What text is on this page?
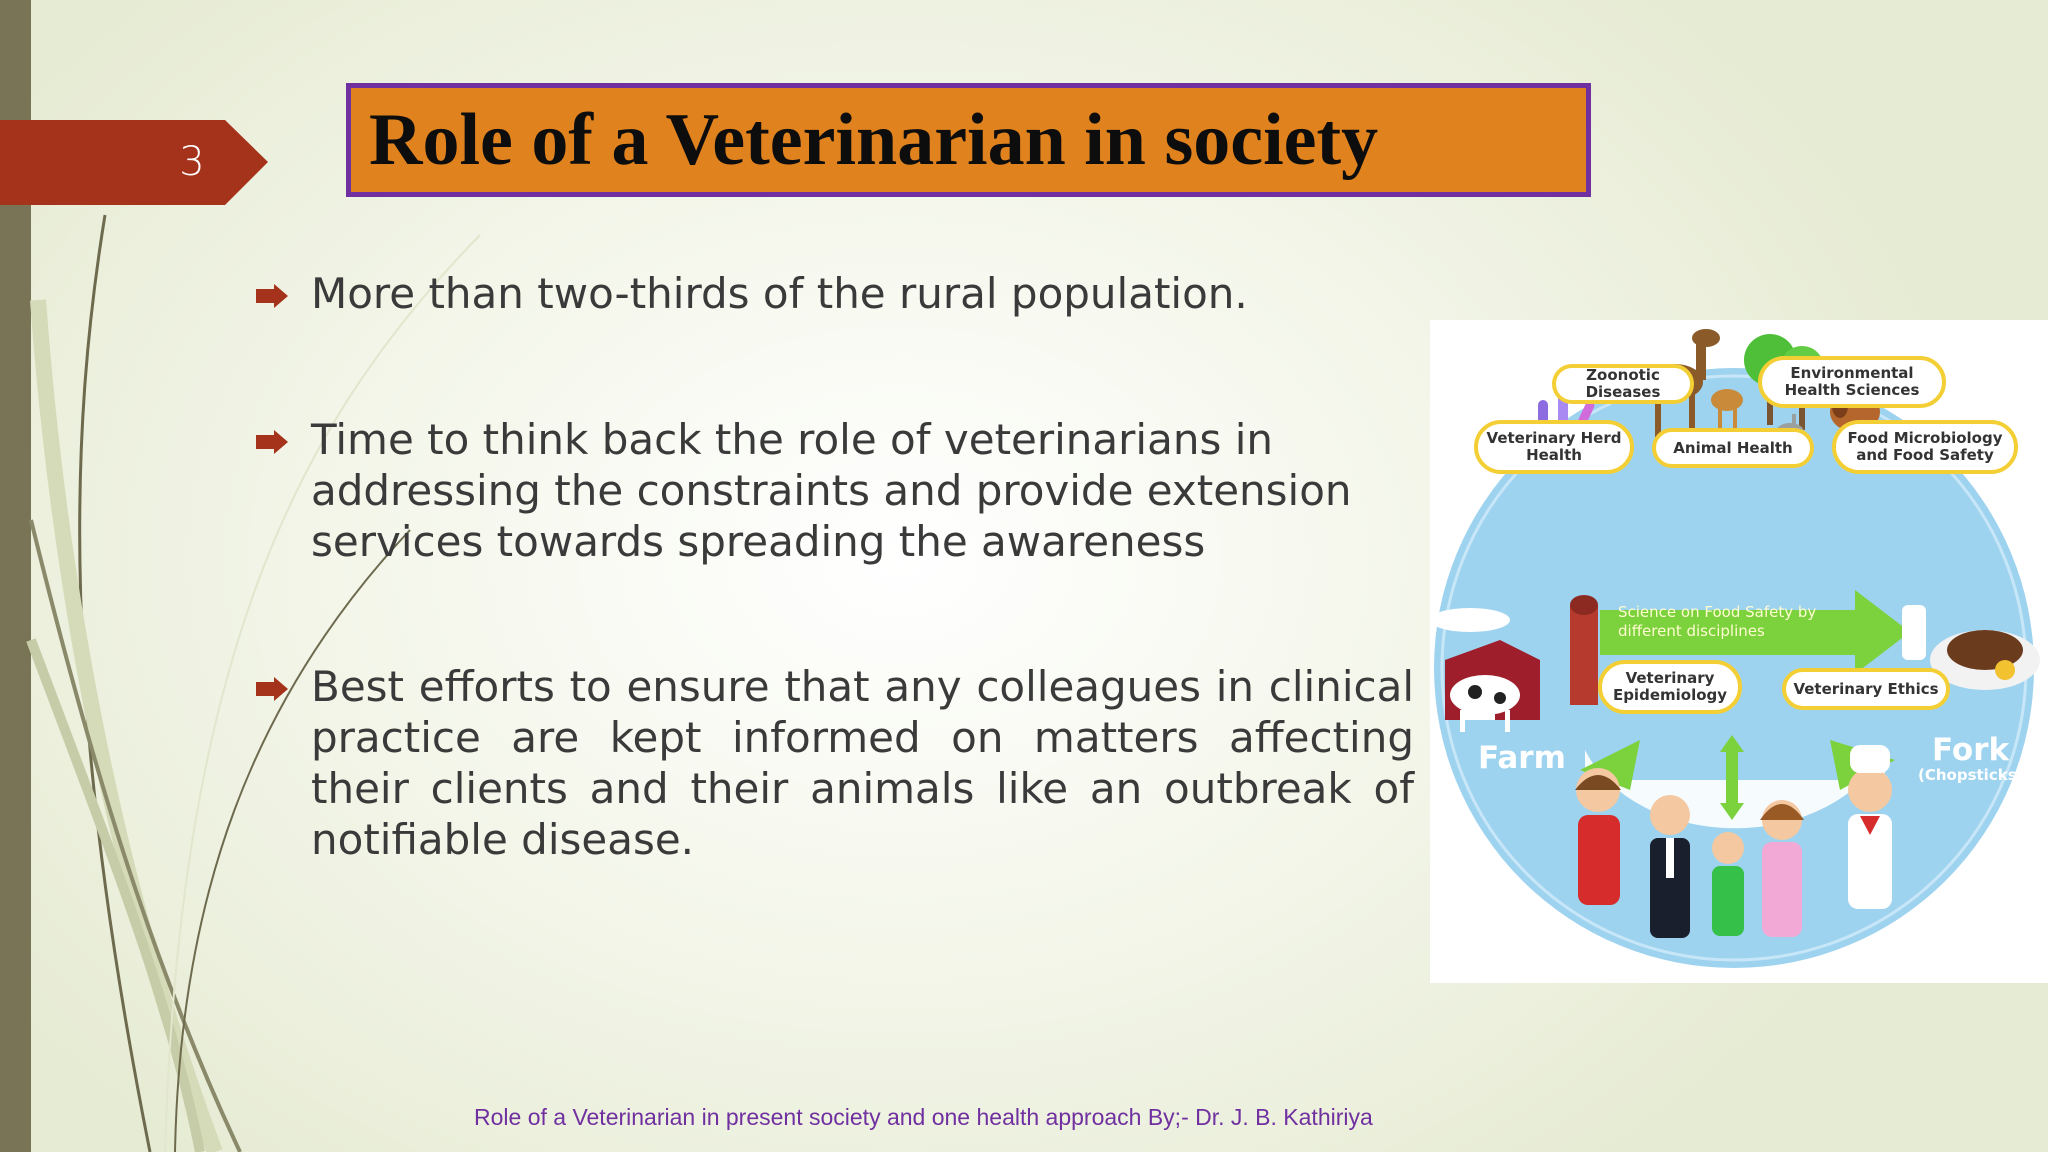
3 Role of a Veterinarian in society
More than two-thirds of the rural population.
Time to think back the role of veterinarians in addressing the constraints and provide extension services towards spreading the awareness
Best efforts to ensure that any colleagues in clinical practice are kept informed on matters affecting their clients and their animals like an outbreak of notifiable disease.
Zoonotic Diseases
Environmental Health Sciences
Veterinary Herd Health	Animal Health
Food Microbiology and Food Safety
Veterinary Epidemiology	Veterinary Ethics
Science on Food Safety by different disciplines
Farm	Fork
(Chopsticks)
Role of a Veterinarian in present society and one health approach By;- Dr. J. B. Kathiriya
